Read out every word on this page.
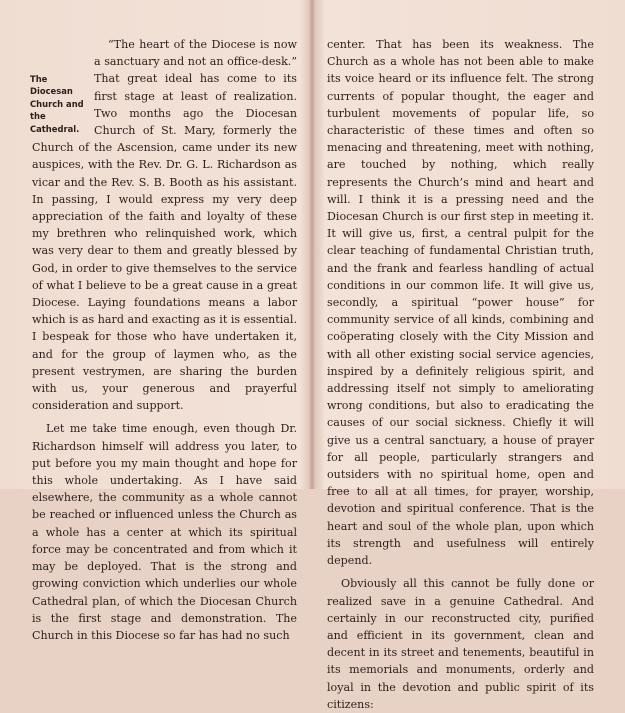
The Diocesan Church and the Cathedral.

“The heart of the Diocese is now a sanctuary and not an office-desk.” That great ideal has come to its first stage at least of realization. Two months ago the Diocesan Church of St. Mary, formerly the Church of the Ascension, came under its new auspices, with the Rev. Dr. G. L. Richardson as vicar and the Rev. S. B. Booth as his assistant. In passing, I would express my very deep appreciation of the faith and loyalty of these my brethren who relinquished work, which was very dear to them and greatly blessed by God, in order to give themselves to the service of what I believe to be a great cause in a great Diocese. Laying foundations means a labor which is as hard and exacting as it is essential. I bespeak for those who have undertaken it, and for the group of laymen who, as the present vestrymen, are sharing the burden with us, your generous and prayerful consideration and support.

Let me take time enough, even though Dr. Richardson himself will address you later, to put before you my main thought and hope for this whole undertaking. As I have said elsewhere, the community as a whole cannot be reached or influenced unless the Church as a whole has a center at which its spiritual force may be concentrated and from which it may be deployed. That is the strong and growing conviction which underlies our whole Cathedral plan, of which the Diocesan Church is the first stage and demonstration. The Church in this Diocese so far has had no such

center. That has been its weakness. The Church as a whole has not been able to make its voice heard or its influence felt. The strong currents of popular thought, the eager and turbulent movements of popular life, so characteristic of these times and often so menacing and threatening, meet with nothing, are touched by nothing, which really represents the Church’s mind and heart and will. I think it is a pressing need and the Diocesan Church is our first step in meeting it. It will give us, first, a central pulpit for the clear teaching of fundamental Christian truth, and the frank and fearless handling of actual conditions in our common life. It will give us, secondly, a spiritual “power house” for community service of all kinds, combining and coöperating closely with the City Mission and with all other existing social service agencies, inspired by a definitely religious spirit, and addressing itself not simply to ameliorating wrong conditions, but also to eradicating the causes of our social sickness. Chiefly it will give us a central sanctuary, a house of prayer for all people, particularly strangers and outsiders with no spiritual home, open and free to all at all times, for prayer, worship, devotion and spiritual conference. That is the heart and soul of the whole plan, upon which its strength and usefulness will entirely depend.

Obviously all this cannot be fully done or realized save in a genuine Cathedral. And certainly in our reconstructed city, purified and efficient in its government, clean and decent in its street and tenements, beautiful in its memorials and monuments, orderly and loyal in the devotion and public spirit of its citizens:
